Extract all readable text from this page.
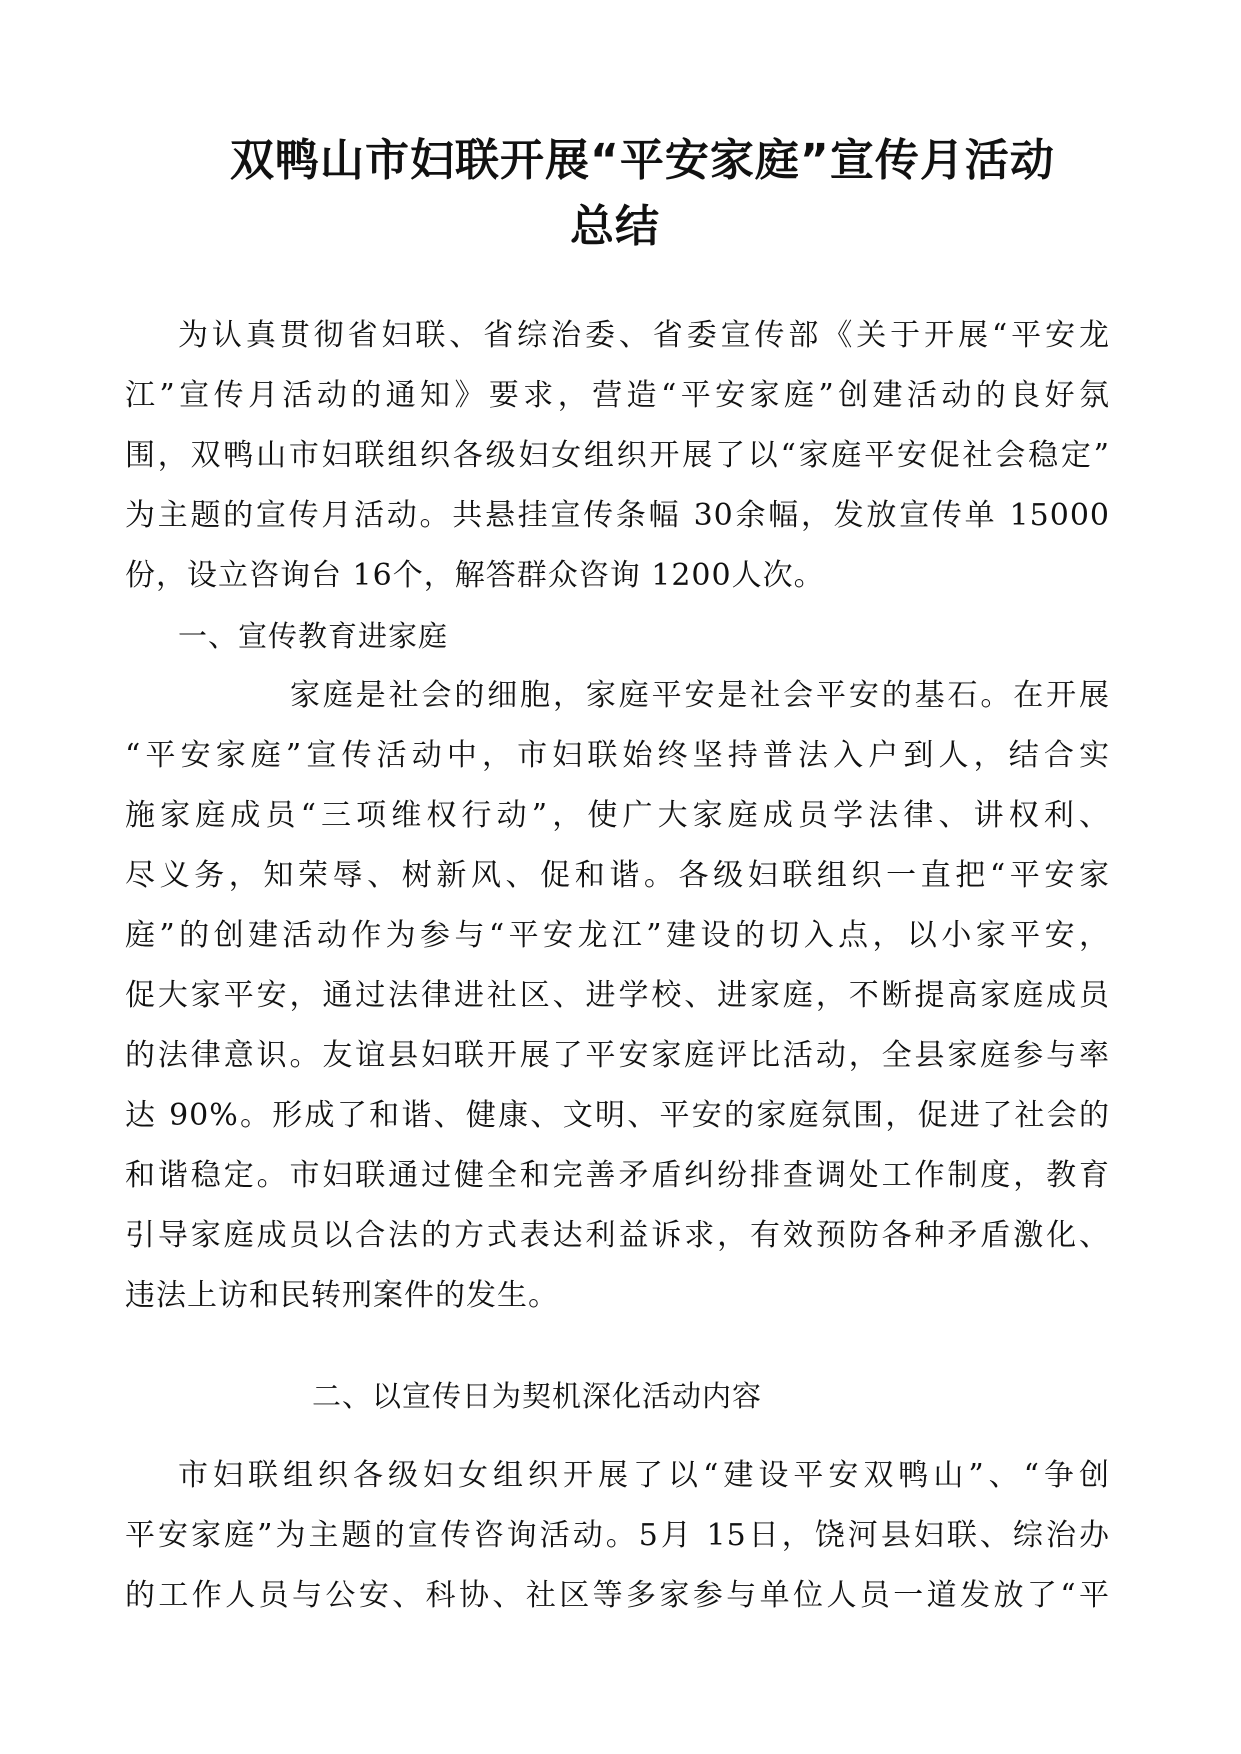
双鸭山市妇联开展“平安家庭”宣传月活动
总结
为认真贯彻省妇联、省综治委、省委宣传部《关于开展“平安龙
江”宣传月活动的通知》要求，营造“平安家庭”创建活动的良好氛
围，双鸭山市妇联组织各级妇女组织开展了以“家庭平安促社会稳定”
为主题的宣传月活动。共悬挂宣传条幅 30余幅，发放宣传单 15000
份，设立咨询台 16个，解答群众咨询 1200人次。
一、宣传教育进家庭
家庭是社会的细胞，家庭平安是社会平安的基石。在开展
“平安家庭”宣传活动中，市妇联始终坚持普法入户到人，结合实
施家庭成员“三项维权行动”，使广大家庭成员学法律、讲权利、
尽义务，知荣辱、树新风、促和谐。各级妇联组织一直把“平安家
庭”的创建活动作为参与“平安龙江”建设的切入点，以小家平安，
促大家平安，通过法律进社区、进学校、进家庭，不断提高家庭成员
的法律意识。友谊县妇联开展了平安家庭评比活动，全县家庭参与率
达 90%。形成了和谐、健康、文明、平安的家庭氛围，促进了社会的
和谐稳定。市妇联通过健全和完善矛盾纠纷排查调处工作制度，教育
引导家庭成员以合法的方式表达利益诉求，有效预防各种矛盾激化、
违法上访和民转刑案件的发生。
二、以宣传日为契机深化活动内容
市妇联组织各级妇女组织开展了以“建设平安双鸭山”、“争创
平安家庭”为主题的宣传咨询活动。5月 15日，饶河县妇联、综治办
的工作人员与公安、科协、社区等多家参与单位人员一道发放了“平
